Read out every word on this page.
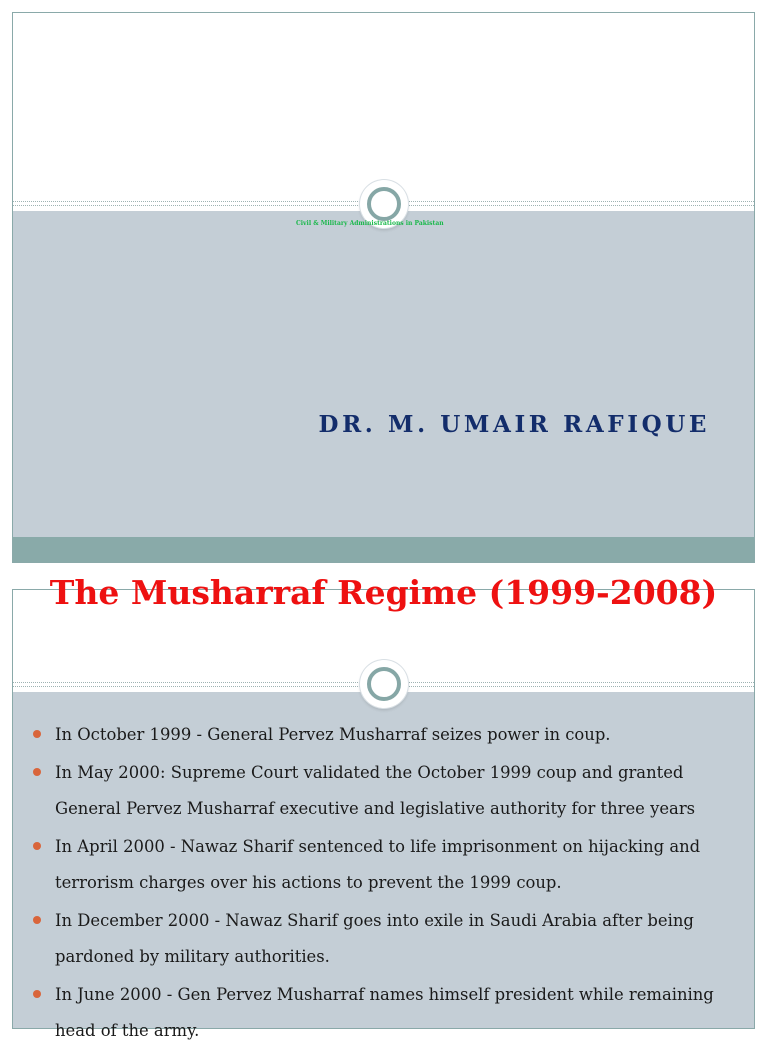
Civil & Military Administrations in Pakistan
DR. M. UMAIR RAFIQUE
The Musharraf Regime (1999-2008)
In October 1999 - General Pervez Musharraf seizes power in coup.
In May 2000: Supreme Court validated the October 1999 coup and granted General Pervez Musharraf executive and legislative authority for three years
In April 2000 - Nawaz Sharif sentenced to life imprisonment on hijacking and terrorism charges over his actions to prevent the 1999 coup.
In December 2000 - Nawaz Sharif goes into exile in Saudi Arabia after being pardoned by military authorities.
In June 2000 - Gen Pervez Musharraf names himself president while remaining head of the army.
